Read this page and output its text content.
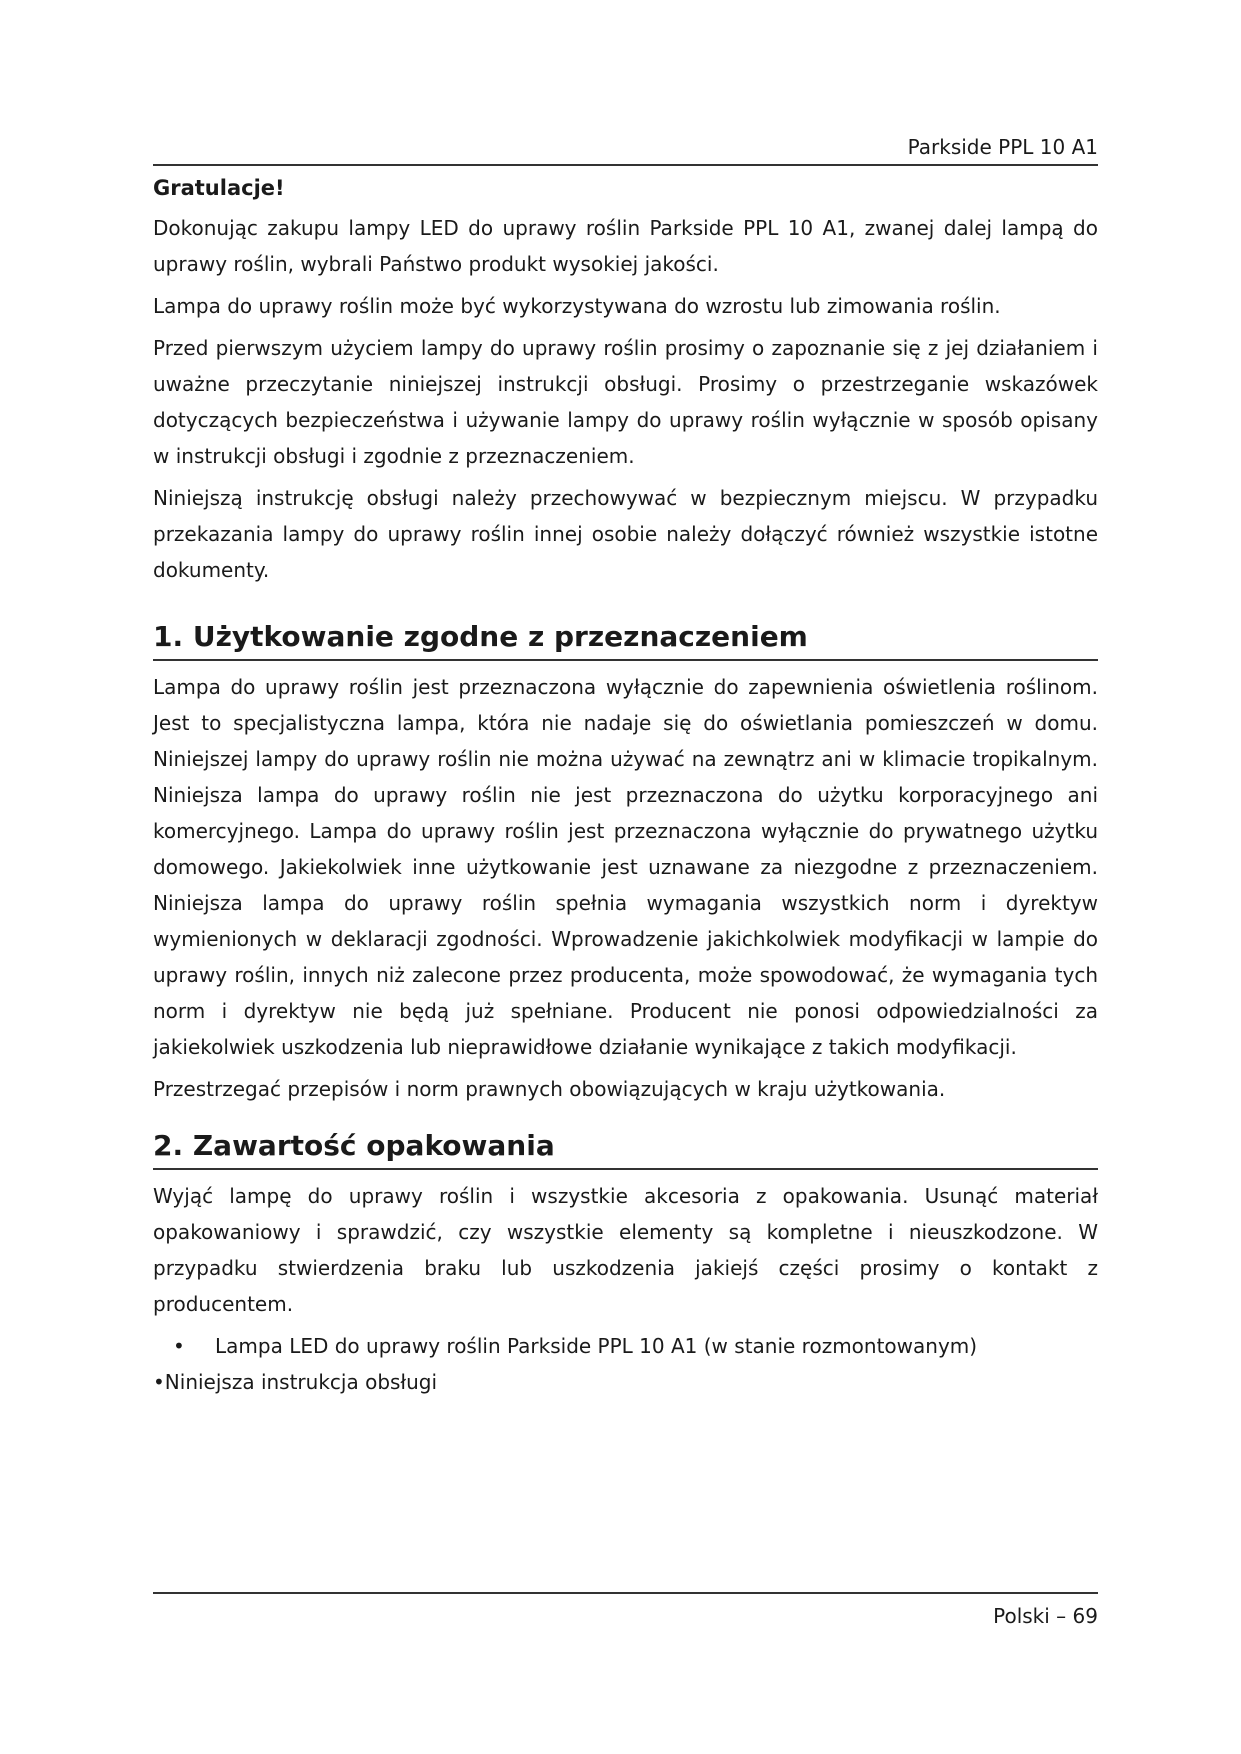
Parkside PPL 10 A1
Gratulacje!

Dokonując zakupu lampy LED do uprawy roślin Parkside PPL 10 A1, zwanej dalej lampą do uprawy roślin, wybrali Państwo produkt wysokiej jakości.

Lampa do uprawy roślin może być wykorzystywana do wzrostu lub zimowania roślin.

Przed pierwszym użyciem lampy do uprawy roślin prosimy o zapoznanie się z jej działaniem i uważne przeczytanie niniejszej instrukcji obsługi. Prosimy o przestrzeganie wskazówek dotyczących bezpieczeństwa i używanie lampy do uprawy roślin wyłącznie w sposób opisany w instrukcji obsługi i zgodnie z przeznaczeniem.

Niniejszą instrukcję obsługi należy przechowywać w bezpiecznym miejscu. W przypadku przekazania lampy do uprawy roślin innej osobie należy dołączyć również wszystkie istotne dokumenty.

1. Użytkowanie zgodne z przeznaczeniem

Lampa do uprawy roślin jest przeznaczona wyłącznie do zapewnienia oświetlenia roślinom. Jest to specjalistyczna lampa, która nie nadaje się do oświetlania pomieszczeń w domu. Niniejszej lampy do uprawy roślin nie można używać na zewnątrz ani w klimacie tropikalnym. Niniejsza lampa do uprawy roślin nie jest przeznaczona do użytku korporacyjnego ani komercyjnego. Lampa do uprawy roślin jest przeznaczona wyłącznie do prywatnego użytku domowego. Jakiekolwiek inne użytkowanie jest uznawane za niezgodne z przeznaczeniem. Niniejsza lampa do uprawy roślin spełnia wymagania wszystkich norm i dyrektyw wymienionych w deklaracji zgodności. Wprowadzenie jakichkolwiek modyfikacji w lampie do uprawy roślin, innych niż zalecone przez producenta, może spowodować, że wymagania tych norm i dyrektyw nie będą już spełniane. Producent nie ponosi odpowiedzialności za jakiekolwiek uszkodzenia lub nieprawidłowe działanie wynikające z takich modyfikacji.

Przestrzegać przepisów i norm prawnych obowiązujących w kraju użytkowania.

2. Zawartość opakowania

Wyjąć lampę do uprawy roślin i wszystkie akcesoria z opakowania. Usunąć materiał opakowaniowy i sprawdzić, czy wszystkie elementy są kompletne i nieuszkodzone. W przypadku stwierdzenia braku lub uszkodzenia jakiejś części prosimy o kontakt z producentem.

• Lampa LED do uprawy roślin Parkside PPL 10 A1 (w stanie rozmontowanym)
•Niniejsza instrukcja obsługi
Polski – 69
